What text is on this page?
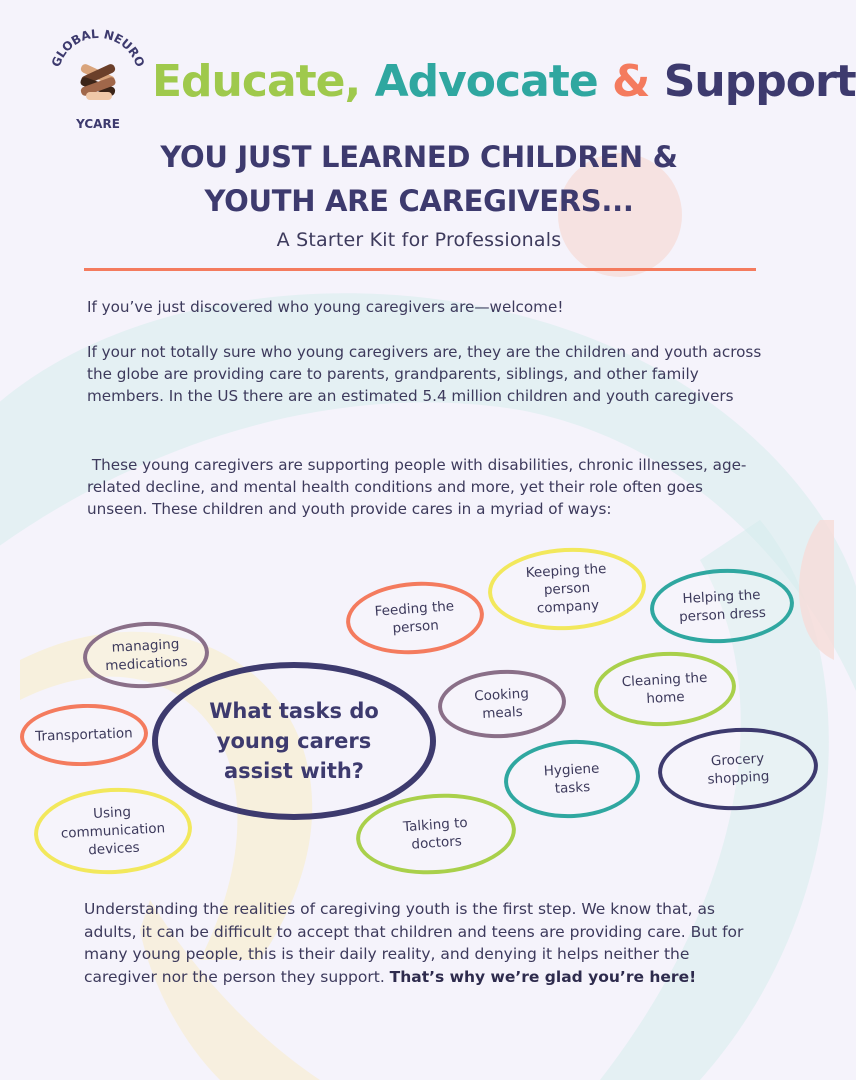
GLOBAL NEURO
YCARE
Educate, Advocate & Support
YOU JUST LEARNED CHILDREN &
YOUTH ARE CAREGIVERS...
A Starter Kit for Professionals
If you’ve just discovered who young caregivers are—welcome!
If your not totally sure who young caregivers are, they are the children and youth across the globe are providing care to parents, grandparents, siblings, and other family members. In the US there are an estimated 5.4 million children and youth caregivers
These young caregivers are supporting people with disabilities, chronic illnesses, age-related decline, and mental health conditions and more, yet their role often goes unseen. These children and youth provide cares in a myriad of ways:
What tasks do young carers assist with?
managing medications
Feeding the person
Keeping the person company	Helping the person dress
Transportation
Cooking meals
Cleaning the home
Hygiene tasks
Grocery shopping
Using communication devices
Talking to doctors
Understanding the realities of caregiving youth is the first step. We know that, as adults, it can be difficult to accept that children and teens are providing care. But for many young people, this is their daily reality, and denying it helps neither the caregiver nor the person they support. That’s why we’re glad you’re here!
